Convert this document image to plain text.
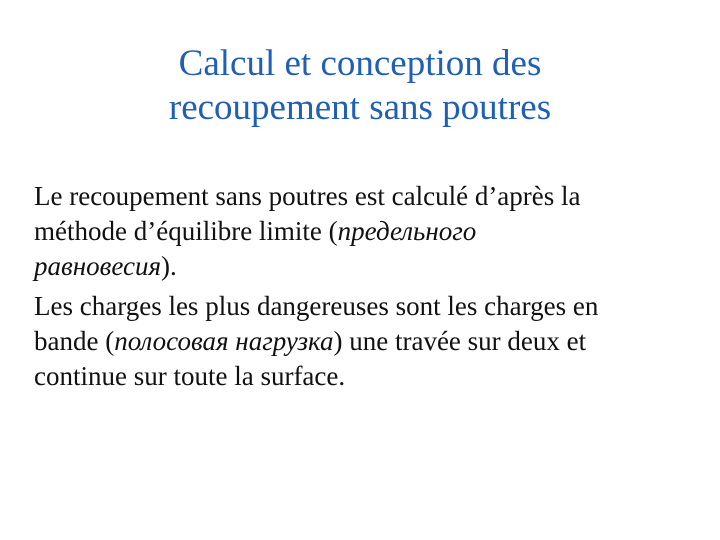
Calcul et conception des
recoupement sans poutres

Le recoupement sans poutres est calculé d’après la
méthode d’équilibre limite (предельного
равновесия).

Les charges les plus dangereuses sont les charges en
bande (полосовая нагрузка) une travée sur deux et
continue sur toute la surface.
